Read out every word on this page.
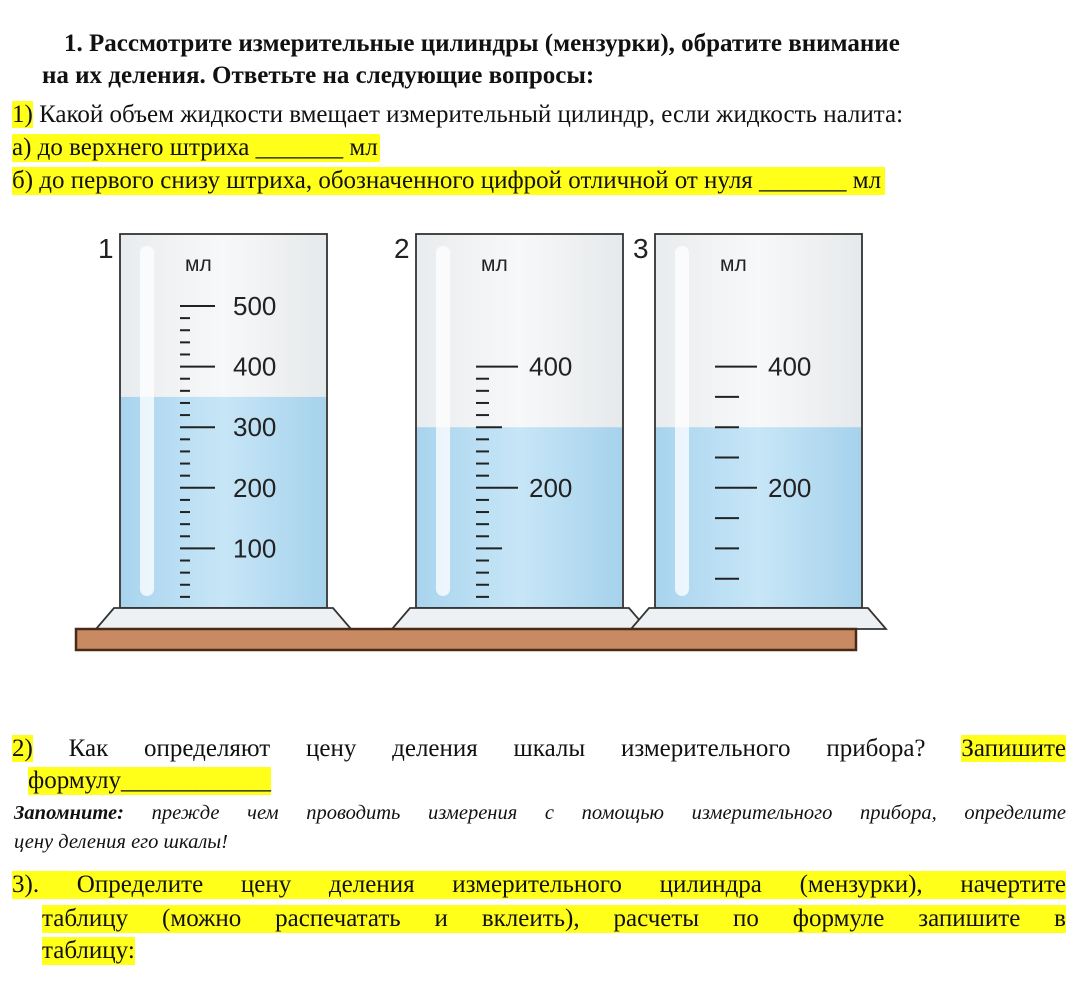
1. Рассмотрите измерительные цилиндры (мензурки), обратите внимание
на их деления. Ответьте на следующие вопросы:
1) Какой объем жидкости вмещает измерительный цилиндр, если жидкость налита:
а) до верхнего штриха _______ мл
б) до первого снизу штриха, обозначенного цифрой отличной от нуля _______ мл
1
мл
500
400
300
200
100
2
мл
400
200
3
мл
400
200
2) Как определяют цену деления шкалы измерительного прибора? Запишите
формулу____________
Запомните: прежде чем проводить измерения с помощью измерительного прибора, определите
цену деления его шкалы!
3). Определите цену деления измерительного цилиндра (мензурки), начертите
таблицу (можно распечатать и вклеить), расчеты по формуле запишите в
таблицу:
